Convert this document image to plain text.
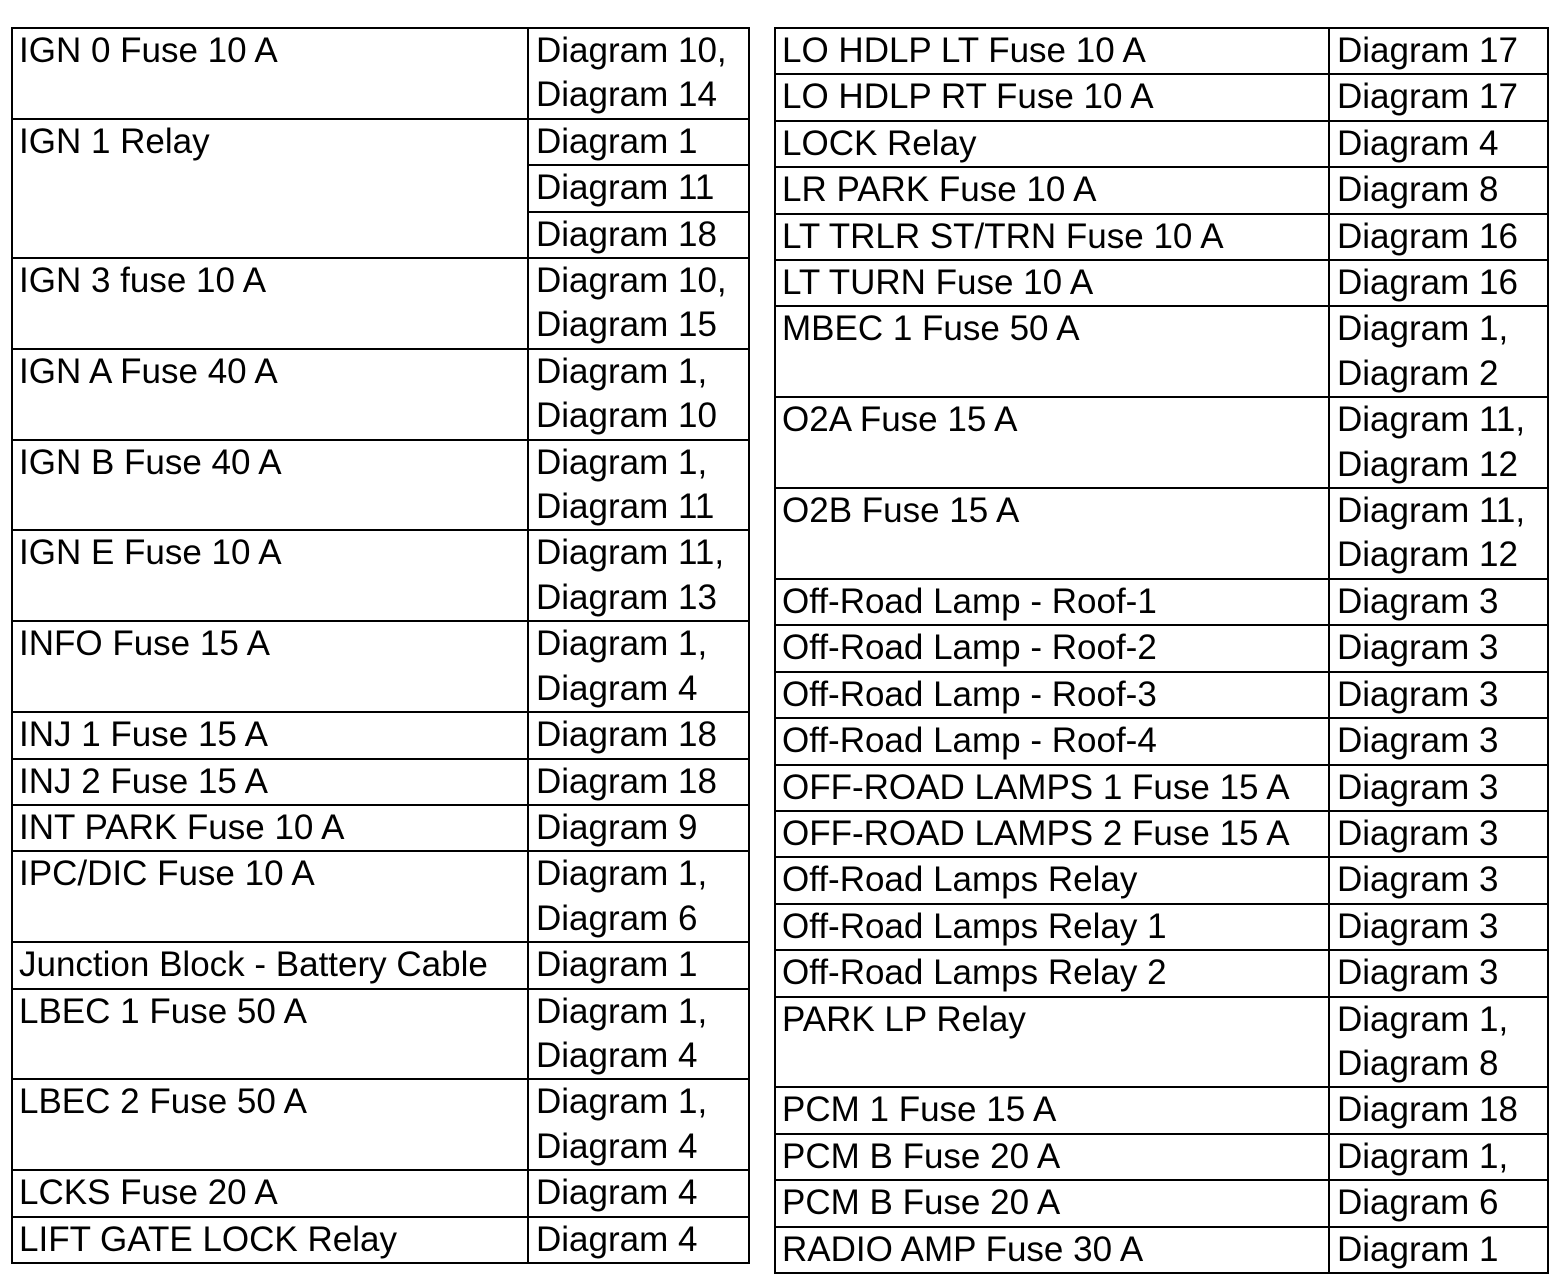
IGN 0 Fuse 10 A	Diagram 10,
Diagram 14

IGN 1 Relay	Diagram 1
	Diagram 11
	Diagram 18
IGN 3 fuse 10 A	Diagram 10,
Diagram 15

IGN A Fuse 40 A	Diagram 1,
Diagram 10

IGN B Fuse 40 A	Diagram 1,
Diagram 11

IGN E Fuse 10 A	Diagram 11,
Diagram 13

INFO Fuse 15 A	Diagram 1,
Diagram 4

INJ 1 Fuse 15 A	Diagram 18

INJ 2 Fuse 15 A	Diagram 18

INT PARK Fuse 10 A	Diagram 9

IPC/DIC Fuse 10 A	Diagram 1,
Diagram 6

Junction Block - Battery Cable	Diagram 1

LBEC 1 Fuse 50 A	Diagram 1,
Diagram 4

LBEC 2 Fuse 50 A	Diagram 1,
Diagram 4

LCKS Fuse 20 A	Diagram 4

LIFT GATE LOCK Relay	Diagram 4
LO HDLP LT Fuse 10 A	Diagram 17

LO HDLP RT Fuse 10 A	Diagram 17

LOCK Relay	Diagram 4

LR PARK Fuse 10 A	Diagram 8

LT TRLR ST/TRN Fuse 10 A	Diagram 16

LT TURN Fuse 10 A	Diagram 16

MBEC 1 Fuse 50 A	Diagram 1,
Diagram 2

O2A Fuse 15 A	Diagram 11,
Diagram 12

O2B Fuse 15 A	Diagram 11,
Diagram 12

Off-Road Lamp - Roof-1	Diagram 3

Off-Road Lamp - Roof-2	Diagram 3

Off-Road Lamp - Roof-3	Diagram 3

Off-Road Lamp - Roof-4	Diagram 3

OFF-ROAD LAMPS 1 Fuse 15 A	Diagram 3

OFF-ROAD LAMPS 2 Fuse 15 A	Diagram 3

Off-Road Lamps Relay	Diagram 3

Off-Road Lamps Relay 1	Diagram 3

Off-Road Lamps Relay 2	Diagram 3

PARK LP Relay	Diagram 1,
Diagram 8

PCM 1 Fuse 15 A	Diagram 18

PCM B Fuse 20 A	Diagram 1,

PCM B Fuse 20 A	Diagram 6

RADIO AMP Fuse 30 A	Diagram 1
